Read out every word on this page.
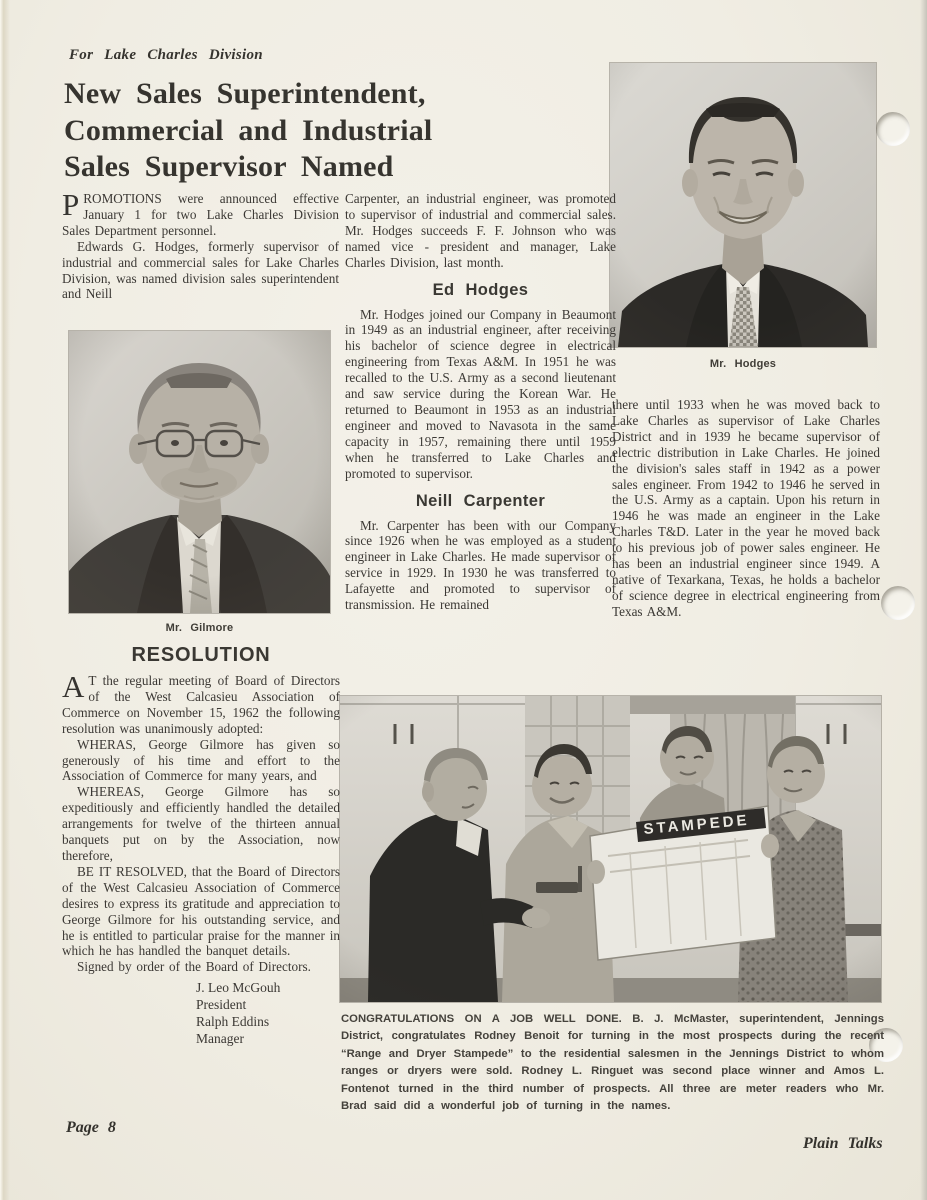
For Lake Charles Division
New Sales Superintendent,
Commercial and Industrial
Sales Supervisor Named

PROMOTIONS were announced effective January 1 for two Lake Charles Division Sales Department personnel.

Edwards G. Hodges, formerly supervisor of industrial and commercial sales for Lake Charles Division, was named division sales superintendent and Neill

Mr. Gilmore
Mr. Hodges

Carpenter, an industrial engineer, was promoted to supervisor of industrial and commercial sales. Mr. Hodges succeeds F. F. Johnson who was named vice - president and manager, Lake Charles Division, last month.

Ed Hodges

Mr. Hodges joined our Company in Beaumont in 1949 as an industrial engineer, after receiving his bachelor of science degree in electrical engineering from Texas A&M. In 1951 he was recalled to the U.S. Army as a second lieutenant and saw service during the Korean War. He returned to Beaumont in 1953 as an industrial engineer and moved to Navasota in the same capacity in 1957, remaining there until 1959 when he transferred to Lake Charles and promoted to supervisor.

Neill Carpenter

Mr. Carpenter has been with our Company since 1926 when he was employed as a student engineer in Lake Charles. He made supervisor of service in 1929. In 1930 he was transferred to Lafayette and promoted to supervisor of transmission. He remained

there until 1933 when he was moved back to Lake Charles as supervisor of Lake Charles District and in 1939 he became supervisor of electric distribution in Lake Charles. He joined the division's sales staff in 1942 as a power sales engineer. From 1942 to 1946 he served in the U.S. Army as a captain. Upon his return in 1946 he was made an engineer in the Lake Charles T&D. Later in the year he moved back to his previous job of power sales engineer. He has been an industrial engineer since 1949. A native of Texarkana, Texas, he holds a bachelor of science degree in electrical engineering from Texas A&M.

RESOLUTION

A T the regular meeting of Board of Directors of the West Calcasieu Association of Commerce on November 15, 1962 the following resolution was unanimously adopted:

WHERAS, George Gilmore has given so generously of his time and effort to the Association of Commerce for many years, and

WHEREAS, George Gilmore has so expeditiously and efficiently handled the detailed arrangements for twelve of the thirteen annual banquets put on by the Association, now therefore,

BE IT RESOLVED, that the Board of Directors of the West Calcasieu Association of Commerce desires to express its gratitude and appreciation to George Gilmore for his outstanding service, and he is entitled to particular praise for the manner in which he has handled the banquet details.

Signed by order of the Board of Directors.

J. Leo McGouh
President
Ralph Eddins
Manager
CONGRATULATIONS ON A JOB WELL DONE. B. J. McMaster, superintendent, Jennings District, congratulates Rodney Benoit for turning in the most prospects during the recent “Range and Dryer Stampede” to the residential salesmen in the Jennings District to whom ranges or dryers were sold. Rodney L. Ringuet was second place winner and Amos L. Fontenot turned in the third number of prospects. All three are meter readers who Mr. Brad said did a wonderful job of turning in the names.
Page 8
Plain Talks
